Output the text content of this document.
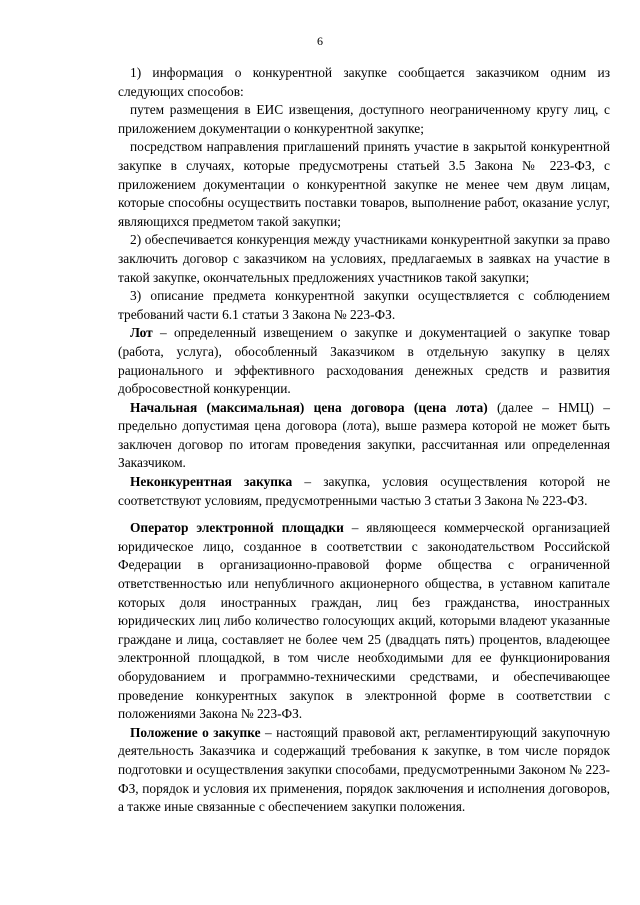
6

1) информация о конкурентной закупке сообщается заказчиком одним из следующих способов:

путем размещения в ЕИС извещения, доступного неограниченному кругу лиц, с приложением документации о конкурентной закупке;

посредством направления приглашений принять участие в закрытой конкурентной закупке в случаях, которые предусмотрены статьей 3.5 Закона № 223-ФЗ, с приложением документации о конкурентной закупке не менее чем двум лицам, которые способны осуществить поставки товаров, выполнение работ, оказание услуг, являющихся предметом такой закупки;

2) обеспечивается конкуренция между участниками конкурентной закупки за право заключить договор с заказчиком на условиях, предлагаемых в заявках на участие в такой закупке, окончательных предложениях участников такой закупки;

3) описание предмета конкурентной закупки осуществляется с соблюдением требований части 6.1 статьи 3 Закона № 223-ФЗ.

Лот – определенный извещением о закупке и документацией о закупке товар (работа, услуга), обособленный Заказчиком в отдельную закупку в целях рационального и эффективного расходования денежных средств и развития добросовестной конкуренции.

Начальная (максимальная) цена договора (цена лота) (далее – НМЦ) – предельно допустимая цена договора (лота), выше размера которой не может быть заключен договор по итогам проведения закупки, рассчитанная или определенная Заказчиком.

Неконкурентная закупка – закупка, условия осуществления которой не соответствуют условиям, предусмотренными частью 3 статьи 3 Закона № 223-ФЗ.

Оператор электронной площадки – являющееся коммерческой организацией юридическое лицо, созданное в соответствии с законодательством Российской Федерации в организационно-правовой форме общества с ограниченной ответственностью или непубличного акционерного общества, в уставном капитале которых доля иностранных граждан, лиц без гражданства, иностранных юридических лиц либо количество голосующих акций, которыми владеют указанные граждане и лица, составляет не более чем 25 (двадцать пять) процентов, владеющее электронной площадкой, в том числе необходимыми для ее функционирования оборудованием и программно-техническими средствами, и обеспечивающее проведение конкурентных закупок в электронной форме в соответствии с положениями Закона № 223-ФЗ.

Положение о закупке – настоящий правовой акт, регламентирующий закупочную деятельность Заказчика и содержащий требования к закупке, в том числе порядок подготовки и осуществления закупки способами, предусмотренными Законом № 223-ФЗ, порядок и условия их применения, порядок заключения и исполнения договоров, а также иные связанные с обеспечением закупки положения.
